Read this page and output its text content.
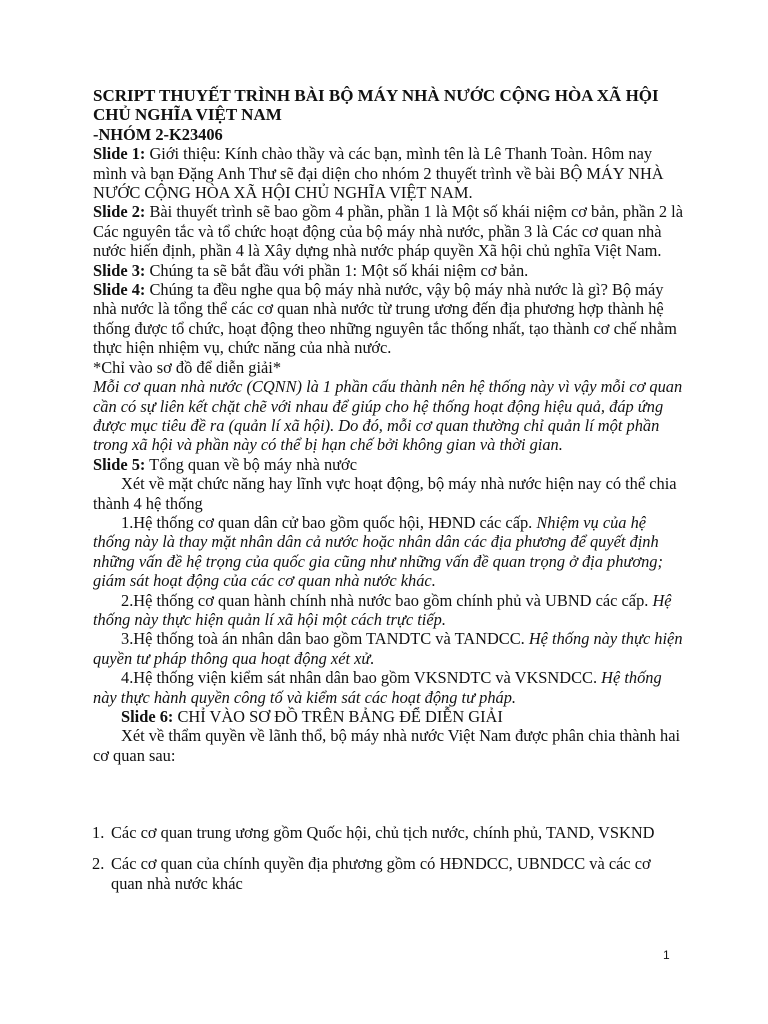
SCRIPT THUYẾT TRÌNH BÀI BỘ MÁY NHÀ NƯỚC CỘNG HÒA XÃ HỘI CHỦ NGHĨA VIỆT NAM
-NHÓM 2-K23406
Slide 1: Giới thiệu: Kính chào thầy và các bạn, mình tên là Lê Thanh Toàn. Hôm nay mình và bạn Đặng Anh Thư sẽ đại diện cho nhóm 2 thuyết trình về bài BỘ MÁY NHÀ NƯỚC CỘNG HÒA XÃ HỘI CHỦ NGHĨA VIỆT NAM.
Slide 2: Bài thuyết trình sẽ bao gồm 4 phần, phần 1 là Một số khái niệm cơ bản, phần 2 là Các nguyên tắc và tổ chức hoạt động của bộ máy nhà nước, phần 3 là Các cơ quan nhà nước hiến định, phần 4 là Xây dựng nhà nước pháp quyền Xã hội chủ nghĩa Việt Nam.
Slide 3: Chúng ta sẽ bắt đầu với phần 1: Một số khái niệm cơ bản.
Slide 4: Chúng ta đều nghe qua bộ máy nhà nước, vậy bộ máy nhà nước là gì? Bộ máy nhà nước là tổng thể các cơ quan nhà nước từ trung ương đến địa phương hợp thành hệ thống được tổ chức, hoạt động theo những nguyên tắc thống nhất, tạo thành cơ chế nhằm thực hiện nhiệm vụ, chức năng của nhà nước.
*Chỉ vào sơ đồ để diễn giải*
Mỗi cơ quan nhà nước (CQNN) là 1 phần cấu thành nên hệ thống này vì vậy mỗi cơ quan cần có sự liên kết chặt chẽ với nhau để giúp cho hệ thống hoạt động hiệu quả, đáp ứng được mục tiêu đề ra (quản lí xã hội). Do đó, mỗi cơ quan thường chỉ quản lí một phần trong xã hội và phần này có thể bị hạn chế bởi không gian và thời gian.
Slide 5: Tổng quan về bộ máy nhà nước
Xét về mặt chức năng hay lĩnh vực hoạt động, bộ máy nhà nước hiện nay có thể chia thành 4 hệ thống
1.Hệ thống cơ quan dân cử bao gồm quốc hội, HĐND các cấp. Nhiệm vụ của hệ thống này là thay mặt nhân dân cả nước hoặc nhân dân các địa phương để quyết định những vấn đề hệ trọng của quốc gia cũng như những vấn đề quan trọng ở địa phương; giám sát hoạt động của các cơ quan nhà nước khác.
2.Hệ thống cơ quan hành chính nhà nước bao gồm chính phủ và UBND các cấp. Hệ thống này thực hiện quản lí xã hội một cách trực tiếp.
3.Hệ thống toà án nhân dân bao gồm TANDTC và TANDCC. Hệ thống này thực hiện quyền tư pháp thông qua hoạt động xét xử.
4.Hệ thống viện kiểm sát nhân dân bao gồm VKSNDTC và VKSNDCC. Hệ thống này thực hành quyền công tố và kiểm sát các hoạt động tư pháp.
Slide 6: CHỈ VÀO SƠ ĐỒ TRÊN BẢNG ĐỂ DIỄN GIẢI
Xét về thẩm quyền về lãnh thổ, bộ máy nhà nước Việt Nam được phân chia thành hai cơ quan sau:
1. Các cơ quan trung ương gồm Quốc hội, chủ tịch nước, chính phủ, TAND, VSKND
2. Các cơ quan của chính quyền địa phương gồm có HĐNDCC, UBNDCC và các cơ quan nhà nước khác
1
